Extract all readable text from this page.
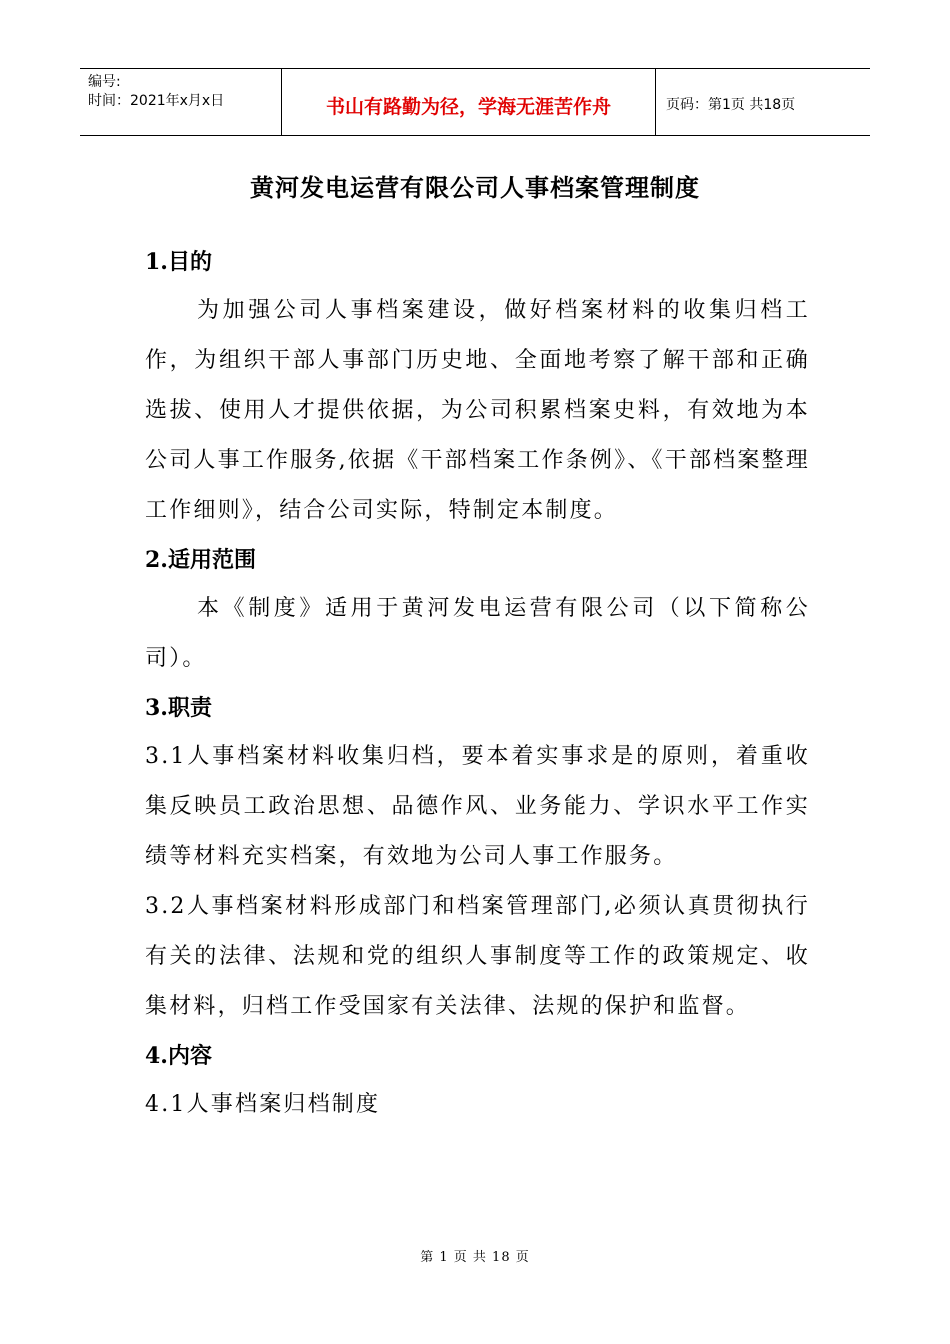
编号:
时间：2021年x月x日	书山有路勤为径，学海无涯苦作舟	页码：第1页 共18页
黄河发电运营有限公司人事档案管理制度
1.目的

为加强公司人事档案建设，做好档案材料的收集归档工作，为组织干部人事部门历史地、全面地考察了解干部和正确选拔、使用人才提供依据，为公司积累档案史料，有效地为本公司人事工作服务,依据《干部档案工作条例》、《干部档案整理工作细则》，结合公司实际，特制定本制度。

2.适用范围

本《制度》适用于黄河发电运营有限公司（以下简称公司）。

3.职责

3.1人事档案材料收集归档，要本着实事求是的原则，着重收集反映员工政治思想、品德作风、业务能力、学识水平工作实绩等材料充实档案，有效地为公司人事工作服务。

3.2人事档案材料形成部门和档案管理部门,必须认真贯彻执行有关的法律、法规和党的组织人事制度等工作的政策规定、收集材料，归档工作受国家有关法律、法规的保护和监督。

4.内容

4.1人事档案归档制度

第 1 页 共 18 页
